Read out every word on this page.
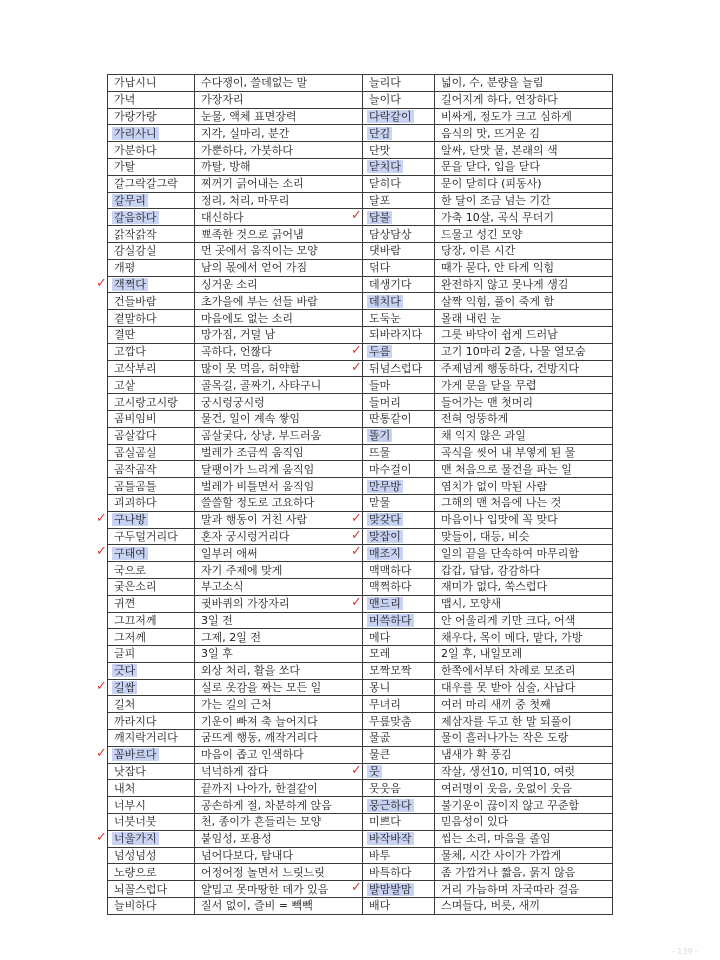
가납시니	수다쟁이, 쓸데없는 말	늘리다	넓이, 수, 분량을 늘림
가녁	가장자리	늘이다	길어지게 하다, 연장하다
가랑가랑	눈물, 액체 표면장력	다락같이	비싸게, 정도가 크고 심하게
가리사니	지각, 실마리, 분간	단김	음식의 맛, 뜨거운 김
가분하다	가뿐하다, 가붓하다	단맛	알싸, 단맛 뭍, 본래의 색
가탈	까탈, 방해	닫치다	문을 닫다, 입을 닫다
갈그락갈그락	찌꺼기 긁어내는 소리	닫히다	문이 닫히다 (피동사)
갈무리	정리, 처리, 마무리	달포	한 달이 조금 넘는 기간
갈음하다	대신하다	✓ 담불	가축 10살, 곡식 무더기
갉작갉작	뾰족한 것으로 긁어냄	담상담상	드물고 성긴 모양
감실감실	먼 곳에서 움직이는 모양	댓바람	당장, 이른 시간
개평	남의 몫에서 얻어 가짐	덖다	때가 묻다, 안 타게 익힘

✓ 객쩍다	싱거운 소리	데생기다	완전하지 않고 못나게 생김
건들바람	초가을에 부는 선들 바람	데치다	살짝 익힘, 풀이 죽게 함
곁말하다	마음에도 없는 소리	도둑눈	몰래 내린 눈
결딴	망가짐, 거덜 남	되바라지다	그릇 바닥이 쉽게 드러남
고깝다	곡하다, 언짢다	✓ 두름	고기 10마리 2줄, 나물 열모숨
고삭부리	많이 못 먹음, 허약함	✓ 뒤넘스럽다	주제넘게 행동하다, 건방지다
고샅	골목길, 골짜기, 사타구니	들마	가게 문을 닫을 무렵
고시랑고시랑	궁시렁궁시렁	들머리	들어가는 맨 첫머리
곰비임비	물건, 일이 계속 쌓임	딴통같이	전혀 엉뚱하게
곰살갑다	곰살궂다, 상냥, 부드러움	똘기	채 익지 않은 과일
곰실곰실	벌레가 조금씩 움직임	뜨물	곡식을 씻어 내 부옇게 된 물
곰작곰작	달팽이가 느리게 움직임	마수걸이	맨 처음으로 물건을 파는 일
곰틀곰틀	벌레가 비틀면서 움직임	만무방	염치가 없이 막된 사람
괴괴하다	쓸쓸할 정도로 고요하다	맏물	그해의 맨 처음에 나는 것

✓ 구나방	말과 행동이 거친 사람	✓ 맞갖다	마음이나 입맛에 꼭 맞다
구두덜거리다	혼자 궁시렁거리다	✓ 맞잡이	맞들이, 대등, 비슷

✓ 구태여	일부러 애써	✓ 매조지	일의 끝을 단속하여 마무리함
국으로	자기 주제에 맞게	맥맥하다	갑갑, 답답, 감감하다
궂은소리	부고소식	맥쩍하다	재미가 없다, 쑥스럽다
귀껸	귓바퀴의 가장자리	✓ 맨드리	맵시, 모양새
그끄저께	3일 전	머쓱하다	안 어울리게 키만 크다, 어색
그저께	그제, 2일 전	메다	채우다, 목이 메다, 맡다, 가방
글피	3일 후	모레	2일 후, 내일모레
긋다	외상 처리, 활을 쏘다	모짝모짝	한쪽에서부터 차례로 모조리

✓ 길쌈	실로 옷감을 짜는 모든 일	몽니	대우를 못 받아 심술, 사납다
길처	가는 길의 근처	무녀리	여러 마리 새끼 중 첫째
까라지다	기운이 빠져 축 늘어지다	무릎맞춤	제삼자를 두고 한 말 되풀이
깨지락거리다	굼뜨게 행동, 깨작거리다	물곬	물이 흘러나가는 작은 도랑

✓ 꼼바르다	마음이 좁고 인색하다	물큰	냄새가 확 풍김
낫잡다	넉넉하게 잡다	✓ 뭇	작살, 생선10, 미역10, 여럿
내처	끝까지 나아가, 한결같이	뭇웃음	여러명이 웃음, 웃없이 웃음
너부시	공손하게 절, 차분하게 앉음	뭉근하다	불기운이 끊이지 않고 꾸준함
너붓너붓	천, 종이가 흔들리는 모양	미쁘다	믿음성이 있다

✓ 너울가지	붙임성, 포용성	바작바작	씹는 소리, 마음을 졸임
넘성넘성	넘어다보다, 탐내다	바투	물체, 시간 사이가 가깝게
노량으로	어정어정 놀면서 느릿느릿	바특하다	좀 가깝거나 짧음, 묽지 않음
뇌꼴스럽다	얄밉고 못마땅한 데가 있음	✓ 발맘발맘	거리 가늠하며 자국따라 걸음
늘비하다	질서 없이, 즐비 = 빽빽	배다	스며들다, 버릇, 새끼
- 139 -
